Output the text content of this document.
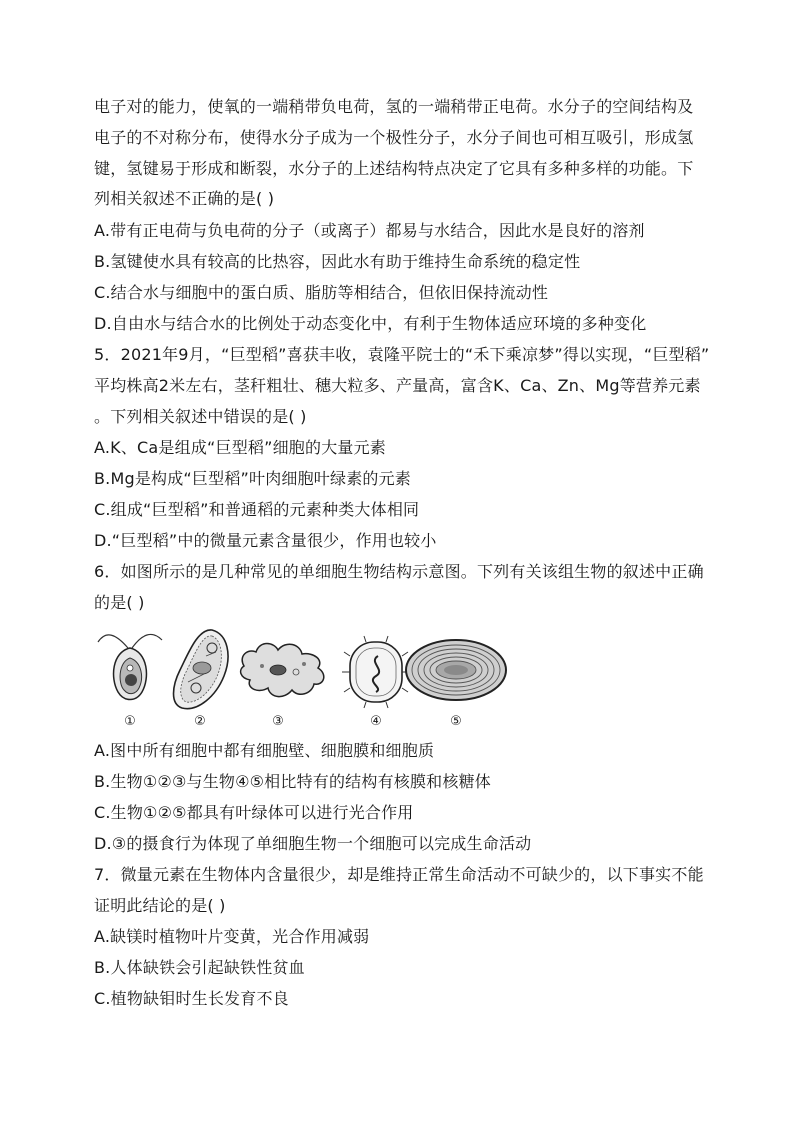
电子对的能力，使氧的一端稍带负电荷，氢的一端稍带正电荷。水分子的空间结构及
电子的不对称分布，使得水分子成为一个极性分子，水分子间也可相互吸引，形成氢
键，氢键易于形成和断裂，水分子的上述结构特点决定了它具有多种多样的功能。下
列相关叙述不正确的是( )
A.带有正电荷与负电荷的分子（或离子）都易与水结合，因此水是良好的溶剂
B.氢键使水具有较高的比热容，因此水有助于维持生命系统的稳定性
C.结合水与细胞中的蛋白质、脂肪等相结合，但依旧保持流动性
D.自由水与结合水的比例处于动态变化中，有利于生物体适应环境的多种变化
5．2021年9月，“巨型稻”喜获丰收，袁隆平院士的“禾下乘凉梦”得以实现，“巨型稻”
平均株高2米左右，茎秆粗壮、穗大粒多、产量高，富含K、Ca、Zn、Mg等营养元素
。下列相关叙述中错误的是( )
A.K、Ca是组成“巨型稻”细胞的大量元素
B.Mg是构成“巨型稻”叶肉细胞叶绿素的元素
C.组成“巨型稻”和普通稻的元素种类大体相同
D.“巨型稻”中的微量元素含量很少，作用也较小
6．如图所示的是几种常见的单细胞生物结构示意图。下列有关该组生物的叙述中正确
的是( )
①	②	③	④	⑤
A.图中所有细胞中都有细胞壁、细胞膜和细胞质
B.生物①②③与生物④⑤相比特有的结构有核膜和核糖体
C.生物①②⑤都具有叶绿体可以进行光合作用
D.③的摄食行为体现了单细胞生物一个细胞可以完成生命活动
7．微量元素在生物体内含量很少，却是维持正常生命活动不可缺少的，以下事实不能
证明此结论的是( )
A.缺镁时植物叶片变黄，光合作用减弱
B.人体缺铁会引起缺铁性贫血
C.植物缺钼时生长发育不良
